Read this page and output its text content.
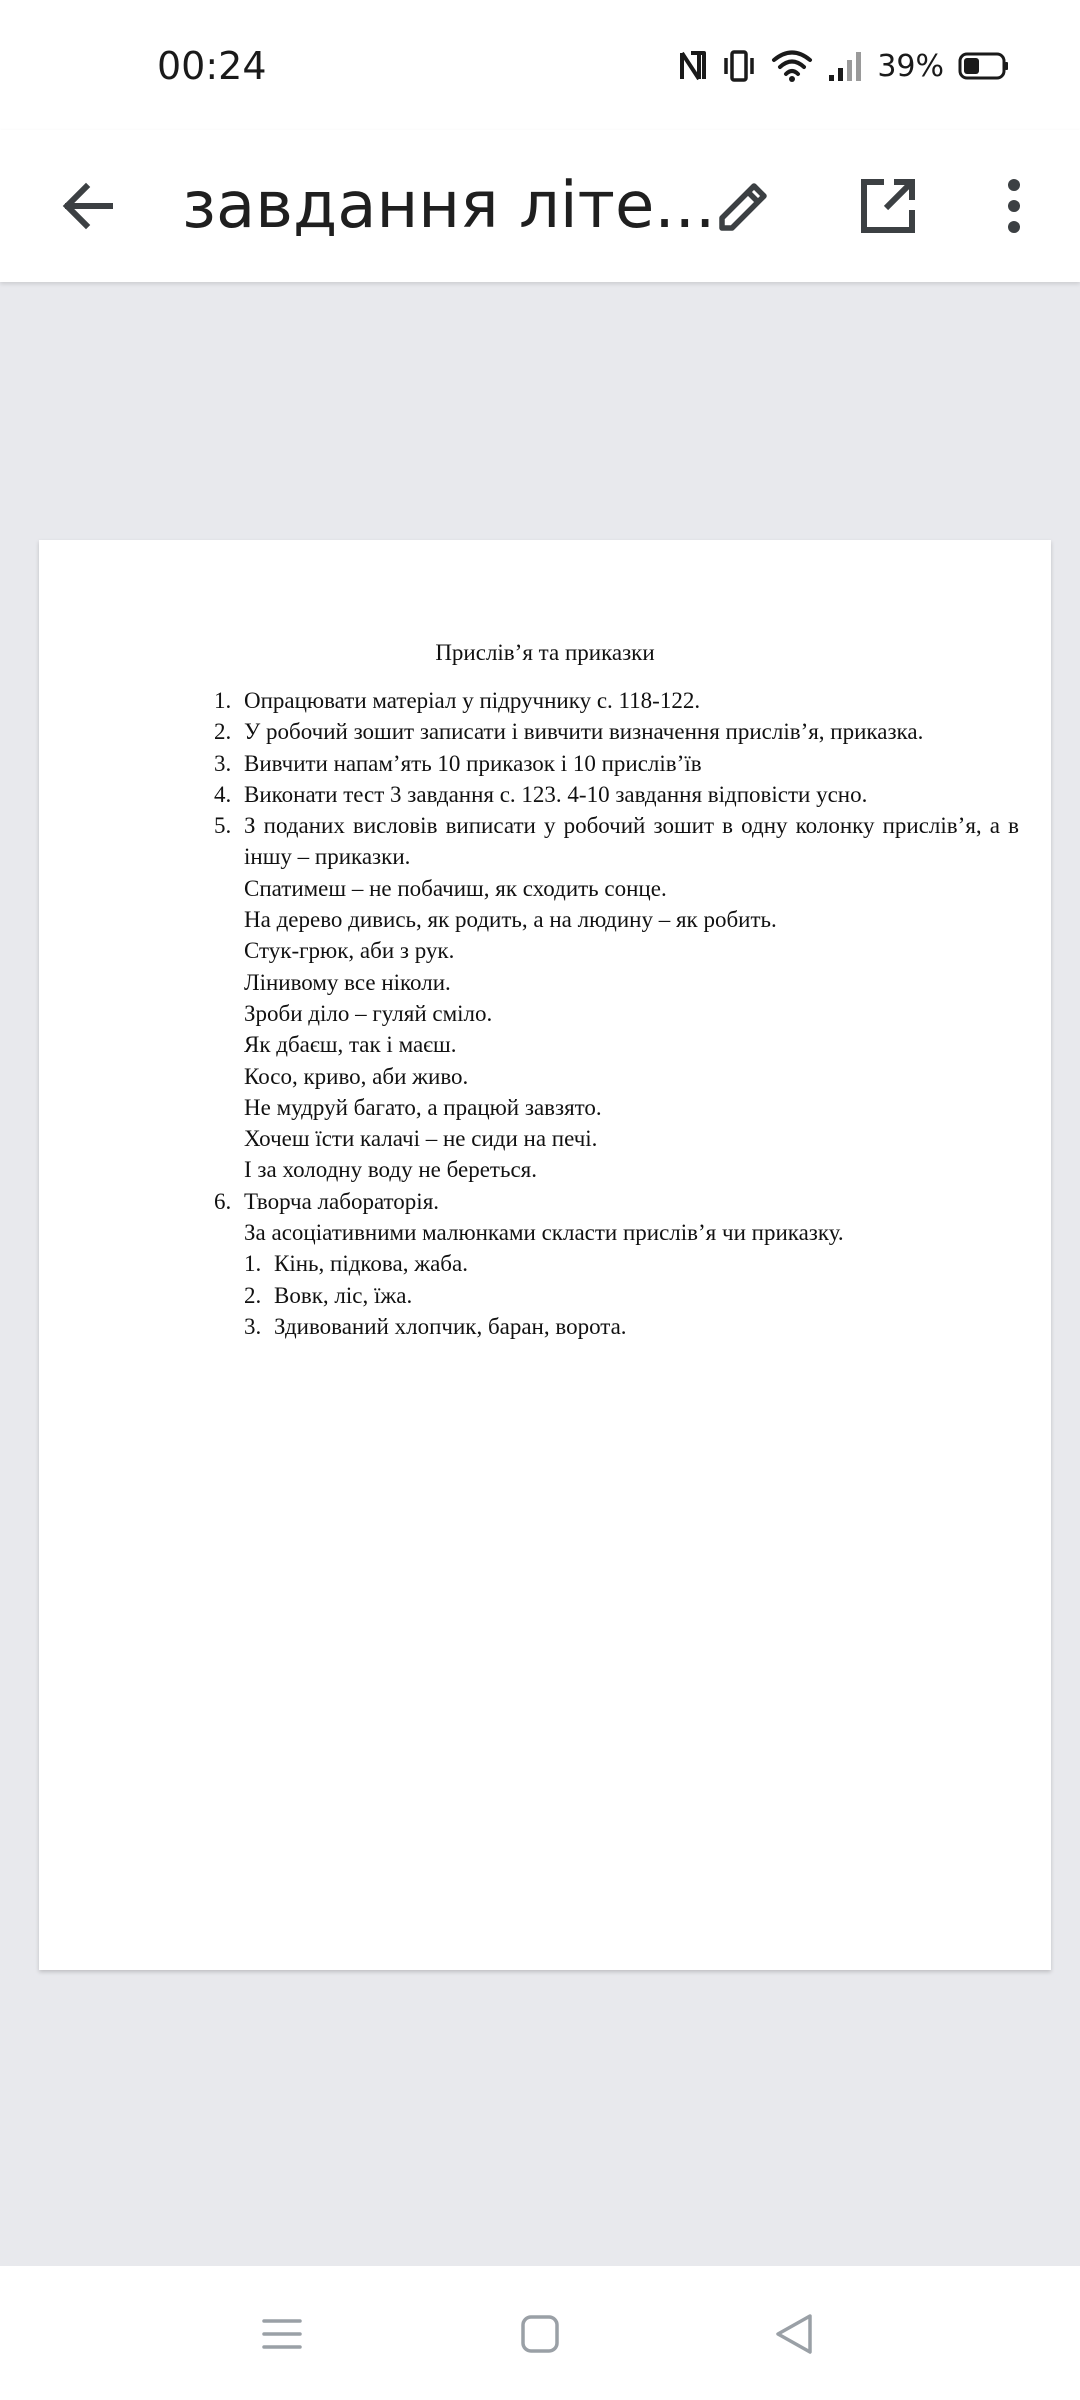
00:24	39%
завдання літе...
Прислів’я та приказки
1. Опрацювати матеріал у підручнику с. 118-122.
2. У робочий зошит записати і вивчити визначення прислів’я, приказка.
3. Вивчити напам’ять 10 приказок і 10 прислів’їв
4. Виконати тест 3 завдання с. 123. 4-10 завдання відповісти усно.
5. З поданих висловів виписати у робочий зошит в одну колонку прислів’я, а в іншу – приказки.
Спатимеш – не побачиш, як сходить сонце.
На дерево дивись, як родить, а на людину – як робить.
Стук-грюк, аби з рук.
Лінивому все ніколи.
Зроби діло – гуляй сміло.
Як дбаєш, так і маєш.
Косо, криво, аби живо.
Не мудруй багато, а працюй завзято.
Хочеш їсти калачі – не сиди на печі.
І за холодну воду не береться.
6. Творча лабораторія.
За асоціативними малюнками скласти прислів’я чи приказку.
1. Кінь, підкова, жаба.
2. Вовк, ліс, їжа.
3. Здивований хлопчик, баран, ворота.
